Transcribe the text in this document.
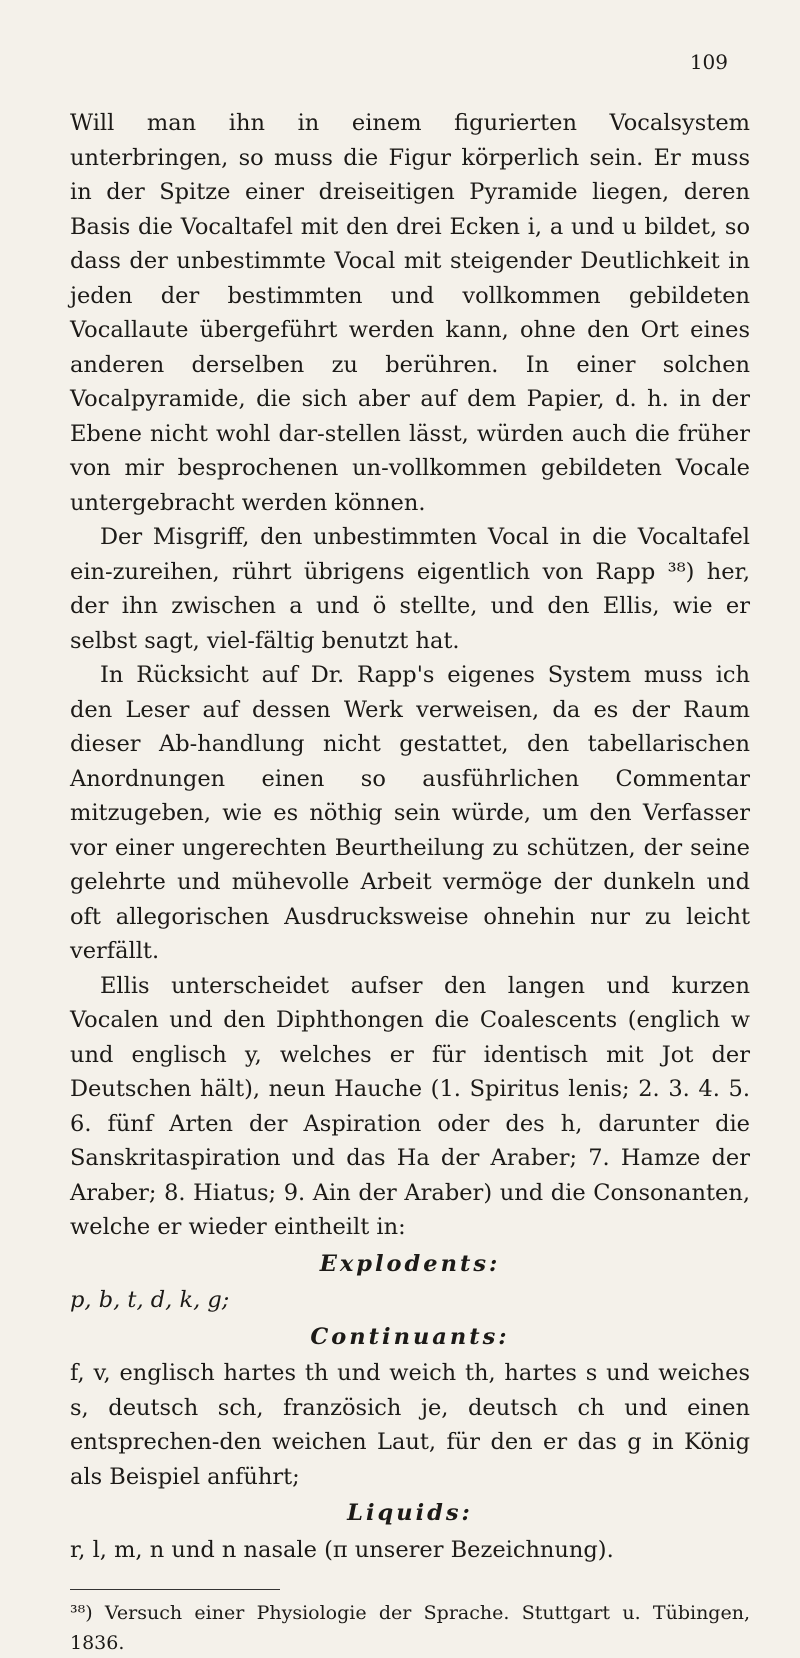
109

Will man ihn in einem figurierten Vocalsystem unterbringen, so muss die Figur körperlich sein. Er muss in der Spitze einer dreiseitigen Pyramide liegen, deren Basis die Vocaltafel mit den drei Ecken i, a und u bildet, so dass der unbestimmte Vocal mit steigender Deutlichkeit in jeden der bestimmten und vollkommen gebildeten Vocallaute übergeführt werden kann, ohne den Ort eines anderen derselben zu berühren. In einer solchen Vocalpyramide, die sich aber auf dem Papier, d. h. in der Ebene nicht wohl dar-stellen lässt, würden auch die früher von mir besprochenen un-vollkommen gebildeten Vocale untergebracht werden können.

Der Misgriff, den unbestimmten Vocal in die Vocaltafel ein-zureihen, rührt übrigens eigentlich von Rapp ³⁸) her, der ihn zwischen a und ö stellte, und den Ellis, wie er selbst sagt, viel-fältig benutzt hat.

In Rücksicht auf Dr. Rapp's eigenes System muss ich den Leser auf dessen Werk verweisen, da es der Raum dieser Ab-handlung nicht gestattet, den tabellarischen Anordnungen einen so ausführlichen Commentar mitzugeben, wie es nöthig sein würde, um den Verfasser vor einer ungerechten Beurtheilung zu schützen, der seine gelehrte und mühevolle Arbeit vermöge der dunkeln und oft allegorischen Ausdrucksweise ohnehin nur zu leicht verfällt.

Ellis unterscheidet aufser den langen und kurzen Vocalen und den Diphthongen die Coalescents (englich w und englisch y, welches er für identisch mit Jot der Deutschen hält), neun Hauche (1. Spiritus lenis; 2. 3. 4. 5. 6. fünf Arten der Aspiration oder des h, darunter die Sanskritaspiration und das Ha der Araber; 7. Hamze der Araber; 8. Hiatus; 9. Ain der Araber) und die Consonanten, welche er wieder eintheilt in:

Explodents:

p, b, t, d, k, g;

Continuants:

f, v, englisch hartes th und weich th, hartes s und weiches s, deutsch sch, französich je, deutsch ch und einen entsprechen-den weichen Laut, für den er das g in König als Beispiel anführt;

Liquids:

r, l, m, n und n nasale (π unserer Bezeichnung).

³⁸) Versuch einer Physiologie der Sprache. Stuttgart u. Tübingen, 1836.
